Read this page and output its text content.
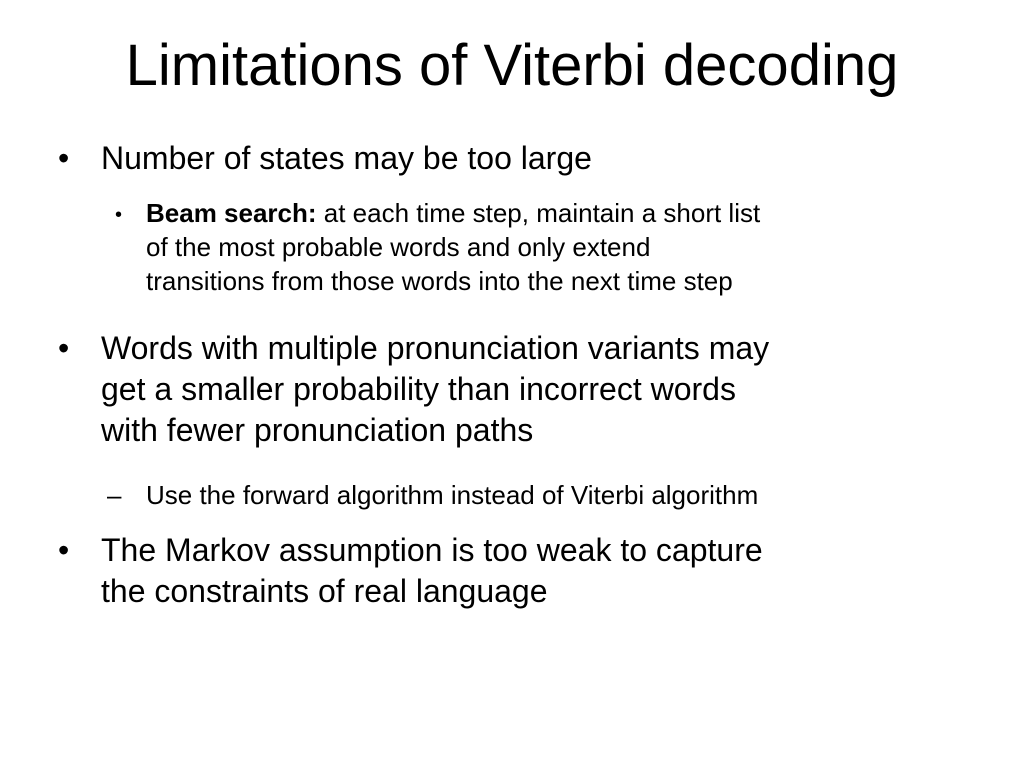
Limitations of Viterbi decoding
• Number of states may be too large
• Beam search: at each time step, maintain a short list
of the most probable words and only extend
transitions from those words into the next time step
• Words with multiple pronunciation variants may
get a smaller probability than incorrect words
with fewer pronunciation paths
– Use the forward algorithm instead of Viterbi algorithm
• The Markov assumption is too weak to capture
the constraints of real language
